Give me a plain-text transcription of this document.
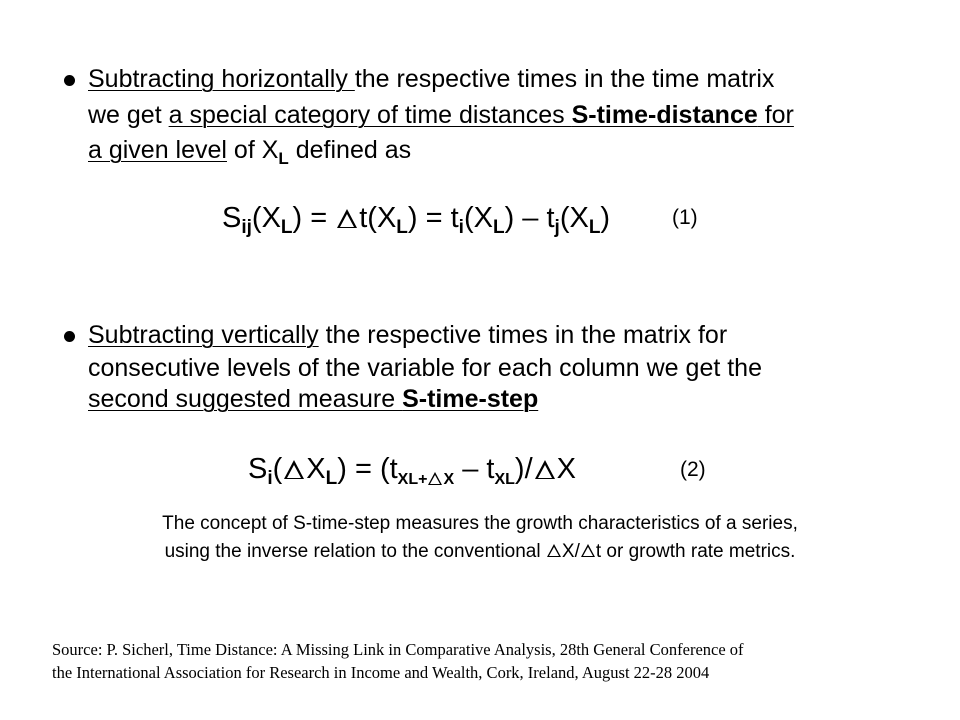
Subtracting horizontally the respective times in the time matrix
we get a special category of time distances S-time-distance for
a given level of $X_L$ defined as
$S_{ij}(X_L) = t(X_L) = t_i(X_L) - t_j(X_L)$	(1)
Subtracting vertically the respective times in the matrix for
consecutive levels of the variable for each column we get the
second suggested measure S-time-step
$S_i$( $X_L) = (t_{XL+ X} - t_{XL})/$ X	(2)
The concept of S-time-step measures the growth characteristics of a series,
using the inverse relation to the conventional X/ t or growth rate metrics.
Source: P. Sicherl, Time Distance: A Missing Link in Comparative Analysis, 28th General Conference of
the International Association for Research in Income and Wealth, Cork, Ireland, August 22-28 2004
